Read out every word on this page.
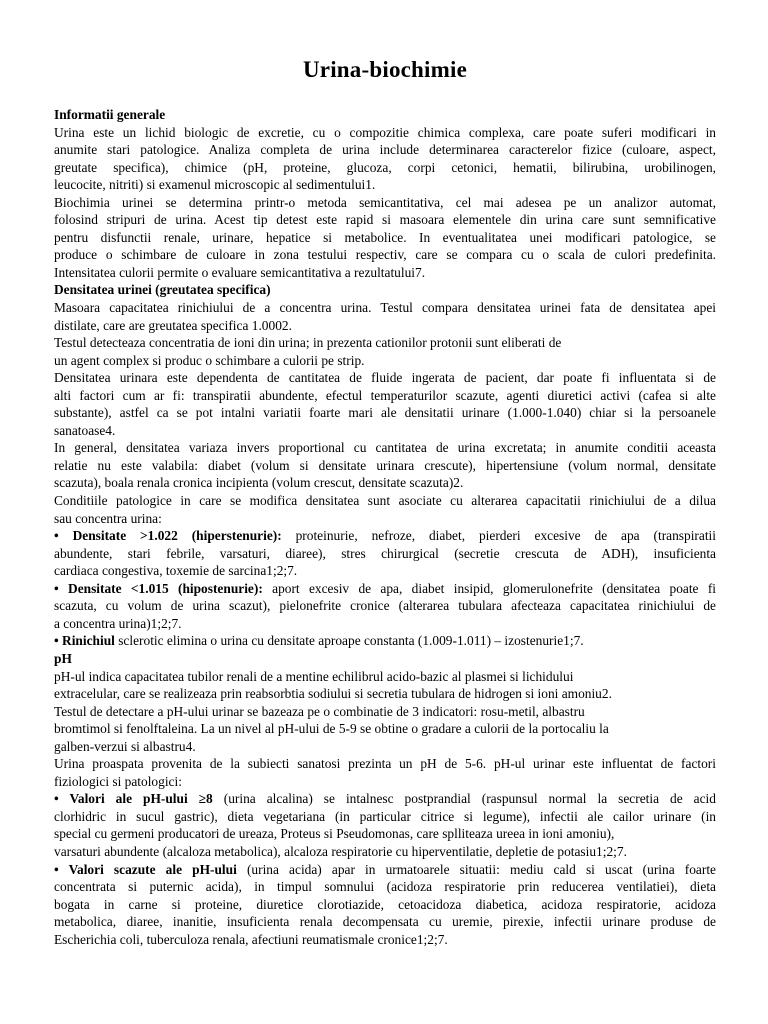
Urina-biochimie
Informatii generale
Urina este un lichid biologic de excretie, cu o compozitie chimica complexa, care poate suferi modificari in
anumite stari patologice. Analiza completa de urina include determinarea caracterelor fizice (culoare, aspect,
greutate specifica), chimice (pH, proteine, glucoza, corpi cetonici, hematii, bilirubina, urobilinogen,
leucocite, nitriti) si examenul microscopic al sedimentului1.
Biochimia urinei se determina printr-o metoda semicantitativa, cel mai adesea pe un analizor automat,
folosind stripuri de urina. Acest tip detest este rapid si masoara elementele din urina care sunt semnificative
pentru disfunctii renale, urinare, hepatice si metabolice. In eventualitatea unei modificari patologice, se
produce o schimbare de culoare in zona testului respectiv, care se compara cu o scala de culori predefinita.
Intensitatea culorii permite o evaluare semicantitativa a rezultatului7.
Densitatea urinei (greutatea specifica)
Masoara capacitatea rinichiului de a concentra urina. Testul compara densitatea urinei fata de densitatea apei
distilate, care are greutatea specifica 1.0002.
Testul detecteaza concentratia de ioni din urina; in prezenta cationilor protonii sunt eliberati de
un agent complex si produc o schimbare a culorii pe strip.
Densitatea urinara este dependenta de cantitatea de fluide ingerata de pacient, dar poate fi influentata si de
alti factori cum ar fi: transpiratii abundente, efectul temperaturilor scazute, agenti diuretici activi (cafea si alte
substante), astfel ca se pot intalni variatii foarte mari ale densitatii urinare (1.000-1.040) chiar si la persoanele
sanatoase4.
In general, densitatea variaza invers proportional cu cantitatea de urina excretata; in anumite conditii aceasta
relatie nu este valabila: diabet (volum si densitate urinara crescute), hipertensiune (volum normal, densitate
scazuta), boala renala cronica incipienta (volum crescut, densitate scazuta)2.
Conditiile patologice in care se modifica densitatea sunt asociate cu alterarea capacitatii rinichiului de a dilua
sau concentra urina:
• Densitate >1.022 (hiperstenurie): proteinurie, nefroze, diabet, pierderi excesive de apa (transpiratii
abundente, stari febrile, varsaturi, diaree), stres chirurgical (secretie crescuta de ADH), insuficienta
cardiaca congestiva, toxemie de sarcina1;2;7.
• Densitate <1.015 (hipostenurie): aport excesiv de apa, diabet insipid, glomerulonefrite (densitatea poate fi
scazuta, cu volum de urina scazut), pielonefrite cronice (alterarea tubulara afecteaza capacitatea rinichiului de
a concentra urina)1;2;7.
• Rinichiul sclerotic elimina o urina cu densitate aproape constanta (1.009-1.011) – izostenurie1;7.
pH
pH-ul indica capacitatea tubilor renali de a mentine echilibrul acido-bazic al plasmei si lichidului
extracelular, care se realizeaza prin reabsorbtia sodiului si secretia tubulara de hidrogen si ioni amoniu2.
Testul de detectare a pH-ului urinar se bazeaza pe o combinatie de 3 indicatori: rosu-metil, albastru
bromtimol si fenolftaleina. La un nivel al pH-ului de 5-9 se obtine o gradare a culorii de la portocaliu la
galben-verzui si albastru4.
Urina proaspata provenita de la subiecti sanatosi prezinta un pH de 5-6. pH-ul urinar este influentat de factori
fiziologici si patologici:
• Valori ale pH-ului ≥8 (urina alcalina) se intalnesc postprandial (raspunsul normal la secretia de acid
clorhidric in sucul gastric), dieta vegetariana (in particular citrice si legume), infectii ale cailor urinare (in
special cu germeni producatori de ureaza, Proteus si Pseudomonas, care splliteaza ureea in ioni amoniu),
varsaturi abundente (alcaloza metabolica), alcaloza respiratorie cu hiperventilatie, depletie de potasiu1;2;7.
• Valori scazute ale pH-ului (urina acida) apar in urmatoarele situatii: mediu cald si uscat (urina foarte
concentrata si puternic acida), in timpul somnului (acidoza respiratorie prin reducerea ventilatiei), dieta
bogata in carne si proteine, diuretice clorotiazide, cetoacidoza diabetica, acidoza respiratorie, acidoza
metabolica, diaree, inanitie, insuficienta renala decompensata cu uremie, pirexie, infectii urinare produse de
Escherichia coli, tuberculoza renala, afectiuni reumatismale cronice1;2;7.
